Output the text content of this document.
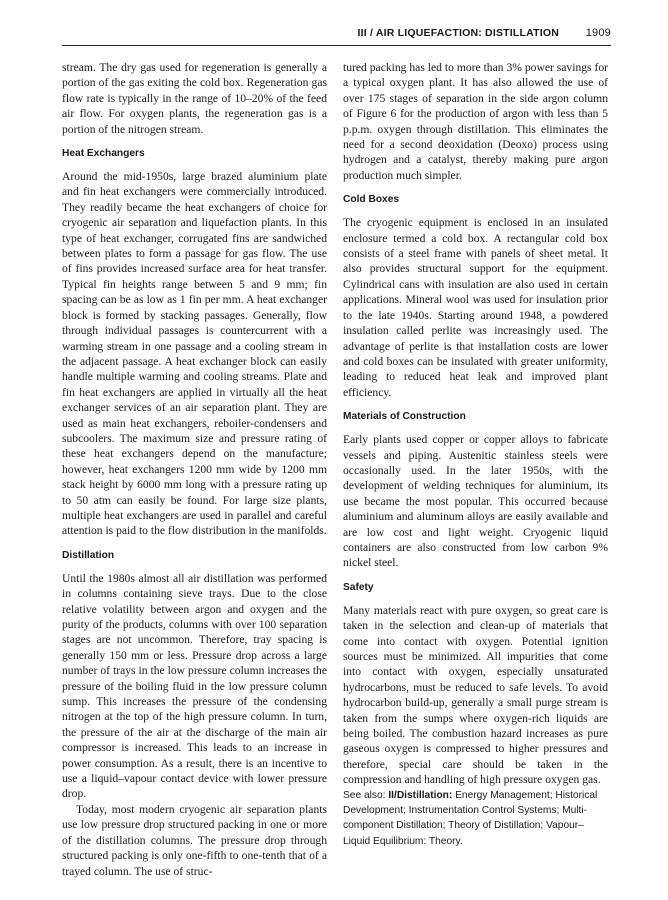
III / AIR LIQUEFACTION: DISTILLATION 1909

stream. The dry gas used for regeneration is generally a portion of the gas exiting the cold box. Regeneration gas flow rate is typically in the range of 10–20% of the feed air flow. For oxygen plants, the regeneration gas is a portion of the nitrogen stream.

Heat Exchangers

Around the mid-1950s, large brazed aluminium plate and fin heat exchangers were commercially introduced. They readily became the heat exchangers of choice for cryogenic air separation and liquefaction plants. In this type of heat exchanger, corrugated fins are sandwiched between plates to form a passage for gas flow. The use of fins provides increased surface area for heat transfer. Typical fin heights range between 5 and 9 mm; fin spacing can be as low as 1 fin per mm. A heat exchanger block is formed by stacking passages. Generally, flow through individual passages is countercurrent with a warming stream in one passage and a cooling stream in the adjacent passage. A heat exchanger block can easily handle multiple warming and cooling streams. Plate and fin heat exchangers are applied in virtually all the heat exchanger services of an air separation plant. They are used as main heat exchangers, reboiler-condensers and subcoolers. The maximum size and pressure rating of these heat exchangers depend on the manufacture; however, heat exchangers 1200 mm wide by 1200 mm stack height by 6000 mm long with a pressure rating up to 50 atm can easily be found. For large size plants, multiple heat exchangers are used in parallel and careful attention is paid to the flow distribution in the manifolds.

Distillation

Until the 1980s almost all air distillation was performed in columns containing sieve trays. Due to the close relative volatility between argon and oxygen and the purity of the products, columns with over 100 separation stages are not uncommon. Therefore, tray spacing is generally 150 mm or less. Pressure drop across a large number of trays in the low pressure column increases the pressure of the boiling fluid in the low pressure column sump. This increases the pressure of the condensing nitrogen at the top of the high pressure column. In turn, the pressure of the air at the discharge of the main air compressor is increased. This leads to an increase in power consumption. As a result, there is an incentive to use a liquid–vapour contact device with lower pressure drop.

Today, most modern cryogenic air separation plants use low pressure drop structured packing in one or more of the distillation columns. The pressure drop through structured packing is only one-fifth to one-tenth that of a trayed column. The use of struc-

tured packing has led to more than 3% power savings for a typical oxygen plant. It has also allowed the use of over 175 stages of separation in the side argon column of Figure 6 for the production of argon with less than 5 p.p.m. oxygen through distillation. This eliminates the need for a second deoxidation (Deoxo) process using hydrogen and a catalyst, thereby making pure argon production much simpler.

Cold Boxes

The cryogenic equipment is enclosed in an insulated enclosure termed a cold box. A rectangular cold box consists of a steel frame with panels of sheet metal. It also provides structural support for the equipment. Cylindrical cans with insulation are also used in certain applications. Mineral wool was used for insulation prior to the late 1940s. Starting around 1948, a powdered insulation called perlite was increasingly used. The advantage of perlite is that installation costs are lower and cold boxes can be insulated with greater uniformity, leading to reduced heat leak and improved plant efficiency.

Materials of Construction

Early plants used copper or copper alloys to fabricate vessels and piping. Austenitic stainless steels were occasionally used. In the later 1950s, with the development of welding techniques for aluminium, its use became the most popular. This occurred because aluminium and aluminum alloys are easily available and are low cost and light weight. Cryogenic liquid containers are also constructed from low carbon 9% nickel steel.

Safety

Many materials react with pure oxygen, so great care is taken in the selection and clean-up of materials that come into contact with oxygen. Potential ignition sources must be minimized. All impurities that come into contact with oxygen, especially unsaturated hydrocarbons, must be reduced to safe levels. To avoid hydrocarbon build-up, generally a small purge stream is taken from the sumps where oxygen-rich liquids are being boiled. The combustion hazard increases as pure gaseous oxygen is compressed to higher pressures and therefore, special care should be taken in the compression and handling of high pressure oxygen gas.

See also: II/Distillation: Energy Management; Historical Development; Instrumentation Control Systems; Multi-component Distillation; Theory of Distillation; Vapour–Liquid Equilibrium: Theory.
